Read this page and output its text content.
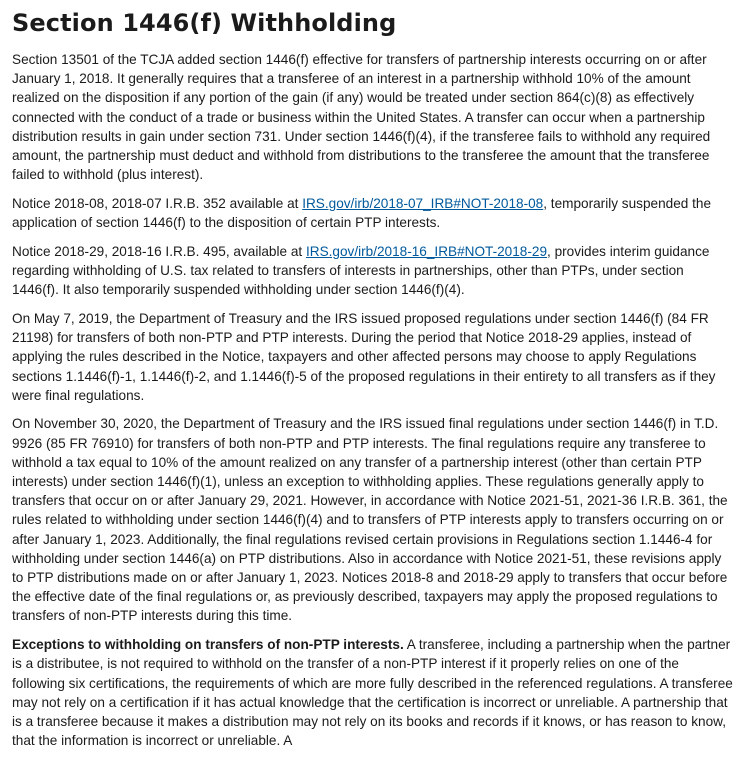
Section 1446(f) Withholding

Section 13501 of the TCJA added section 1446(f) effective for transfers of partnership interests occurring on or after January 1, 2018. It generally requires that a transferee of an interest in a partnership withhold 10% of the amount realized on the disposition if any portion of the gain (if any) would be treated under section 864(c)(8) as effectively connected with the conduct of a trade or business within the United States. A transfer can occur when a partnership distribution results in gain under section 731. Under section 1446(f)(4), if the transferee fails to withhold any required amount, the partnership must deduct and withhold from distributions to the transferee the amount that the transferee failed to withhold (plus interest).

Notice 2018-08, 2018-07 I.R.B. 352 available at IRS.gov/irb/2018-07_IRB#NOT-2018-08, temporarily suspended the application of section 1446(f) to the disposition of certain PTP interests.

Notice 2018-29, 2018-16 I.R.B. 495, available at IRS.gov/irb/2018-16_IRB#NOT-2018-29, provides interim guidance regarding withholding of U.S. tax related to transfers of interests in partnerships, other than PTPs, under section 1446(f). It also temporarily suspended withholding under section 1446(f)(4).

On May 7, 2019, the Department of Treasury and the IRS issued proposed regulations under section 1446(f) (84 FR 21198) for transfers of both non-PTP and PTP interests. During the period that Notice 2018-29 applies, instead of applying the rules described in the Notice, taxpayers and other affected persons may choose to apply Regulations sections 1.1446(f)-1, 1.1446(f)-2, and 1.1446(f)-5 of the proposed regulations in their entirety to all transfers as if they were final regulations.

On November 30, 2020, the Department of Treasury and the IRS issued final regulations under section 1446(f) in T.D. 9926 (85 FR 76910) for transfers of both non-PTP and PTP interests. The final regulations require any transferee to withhold a tax equal to 10% of the amount realized on any transfer of a partnership interest (other than certain PTP interests) under section 1446(f)(1), unless an exception to withholding applies. These regulations generally apply to transfers that occur on or after January 29, 2021. However, in accordance with Notice 2021-51, 2021-36 I.R.B. 361, the rules related to withholding under section 1446(f)(4) and to transfers of PTP interests apply to transfers occurring on or after January 1, 2023. Additionally, the final regulations revised certain provisions in Regulations section 1.1446-4 for withholding under section 1446(a) on PTP distributions. Also in accordance with Notice 2021-51, these revisions apply to PTP distributions made on or after January 1, 2023. Notices 2018-8 and 2018-29 apply to transfers that occur before the effective date of the final regulations or, as previously described, taxpayers may apply the proposed regulations to transfers of non-PTP interests during this time.

Exceptions to withholding on transfers of non-PTP interests. A transferee, including a partnership when the partner is a distributee, is not required to withhold on the transfer of a non-PTP interest if it properly relies on one of the following six certifications, the requirements of which are more fully described in the referenced regulations. A transferee may not rely on a certification if it has actual knowledge that the certification is incorrect or unreliable. A partnership that is a transferee because it makes a distribution may not rely on its books and records if it knows, or has reason to know, that the information is incorrect or unreliable. A
